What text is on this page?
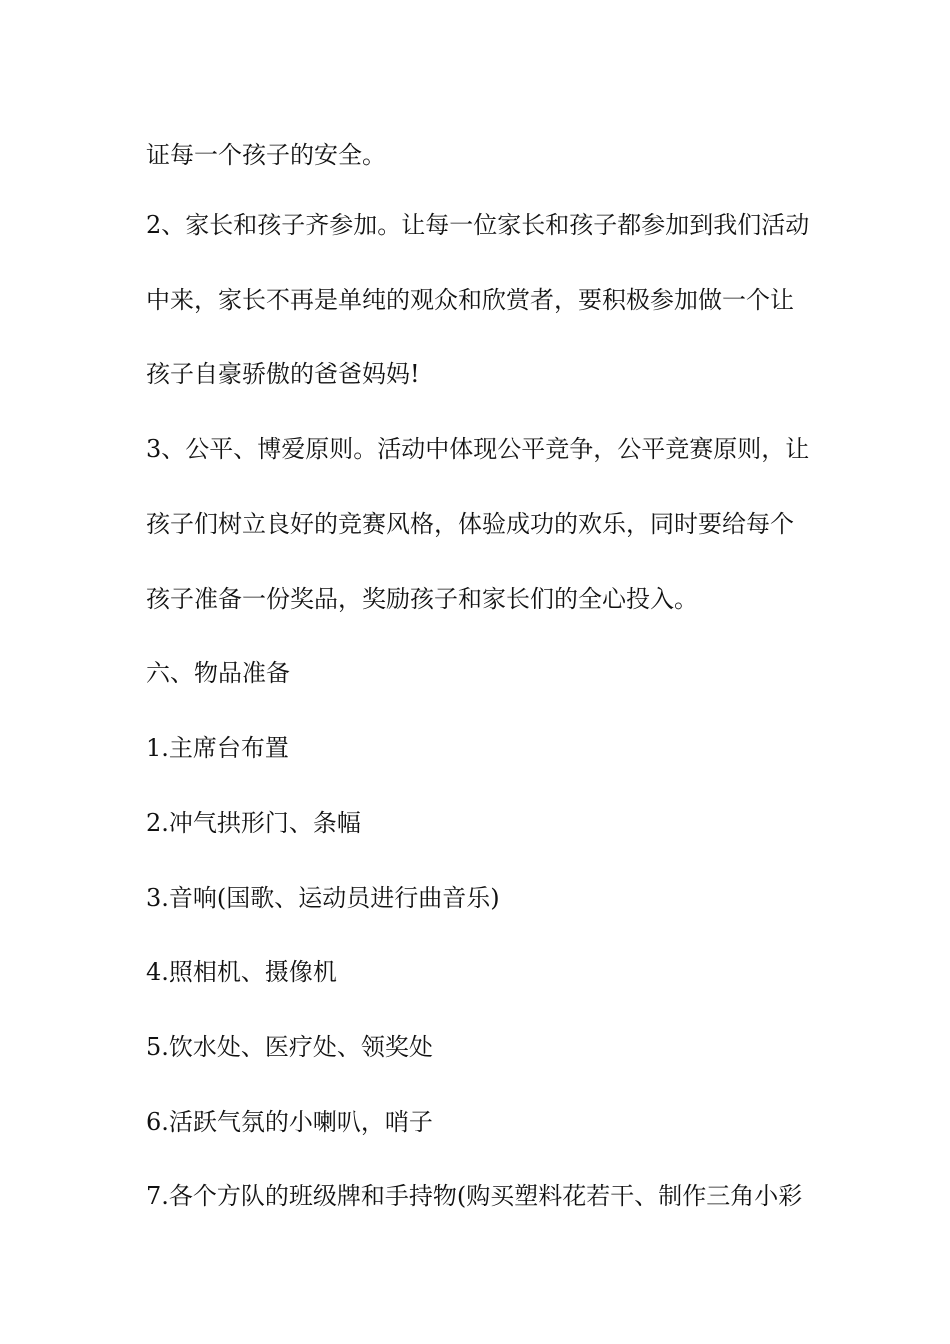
证每一个孩子的安全。
2、家长和孩子齐参加。让每一位家长和孩子都参加到我们活动
中来，家长不再是单纯的观众和欣赏者，要积极参加做一个让
孩子自豪骄傲的爸爸妈妈!
3、公平、博爱原则。活动中体现公平竞争，公平竞赛原则，让
孩子们树立良好的竞赛风格，体验成功的欢乐，同时要给每个
孩子准备一份奖品，奖励孩子和家长们的全心投入。
六、物品准备
1.主席台布置
2.冲气拱形门、条幅
3.音响(国歌、运动员进行曲音乐)
4.照相机、摄像机
5.饮水处、医疗处、领奖处
6.活跃气氛的小喇叭，哨子
7.各个方队的班级牌和手持物(购买塑料花若干、制作三角小彩
